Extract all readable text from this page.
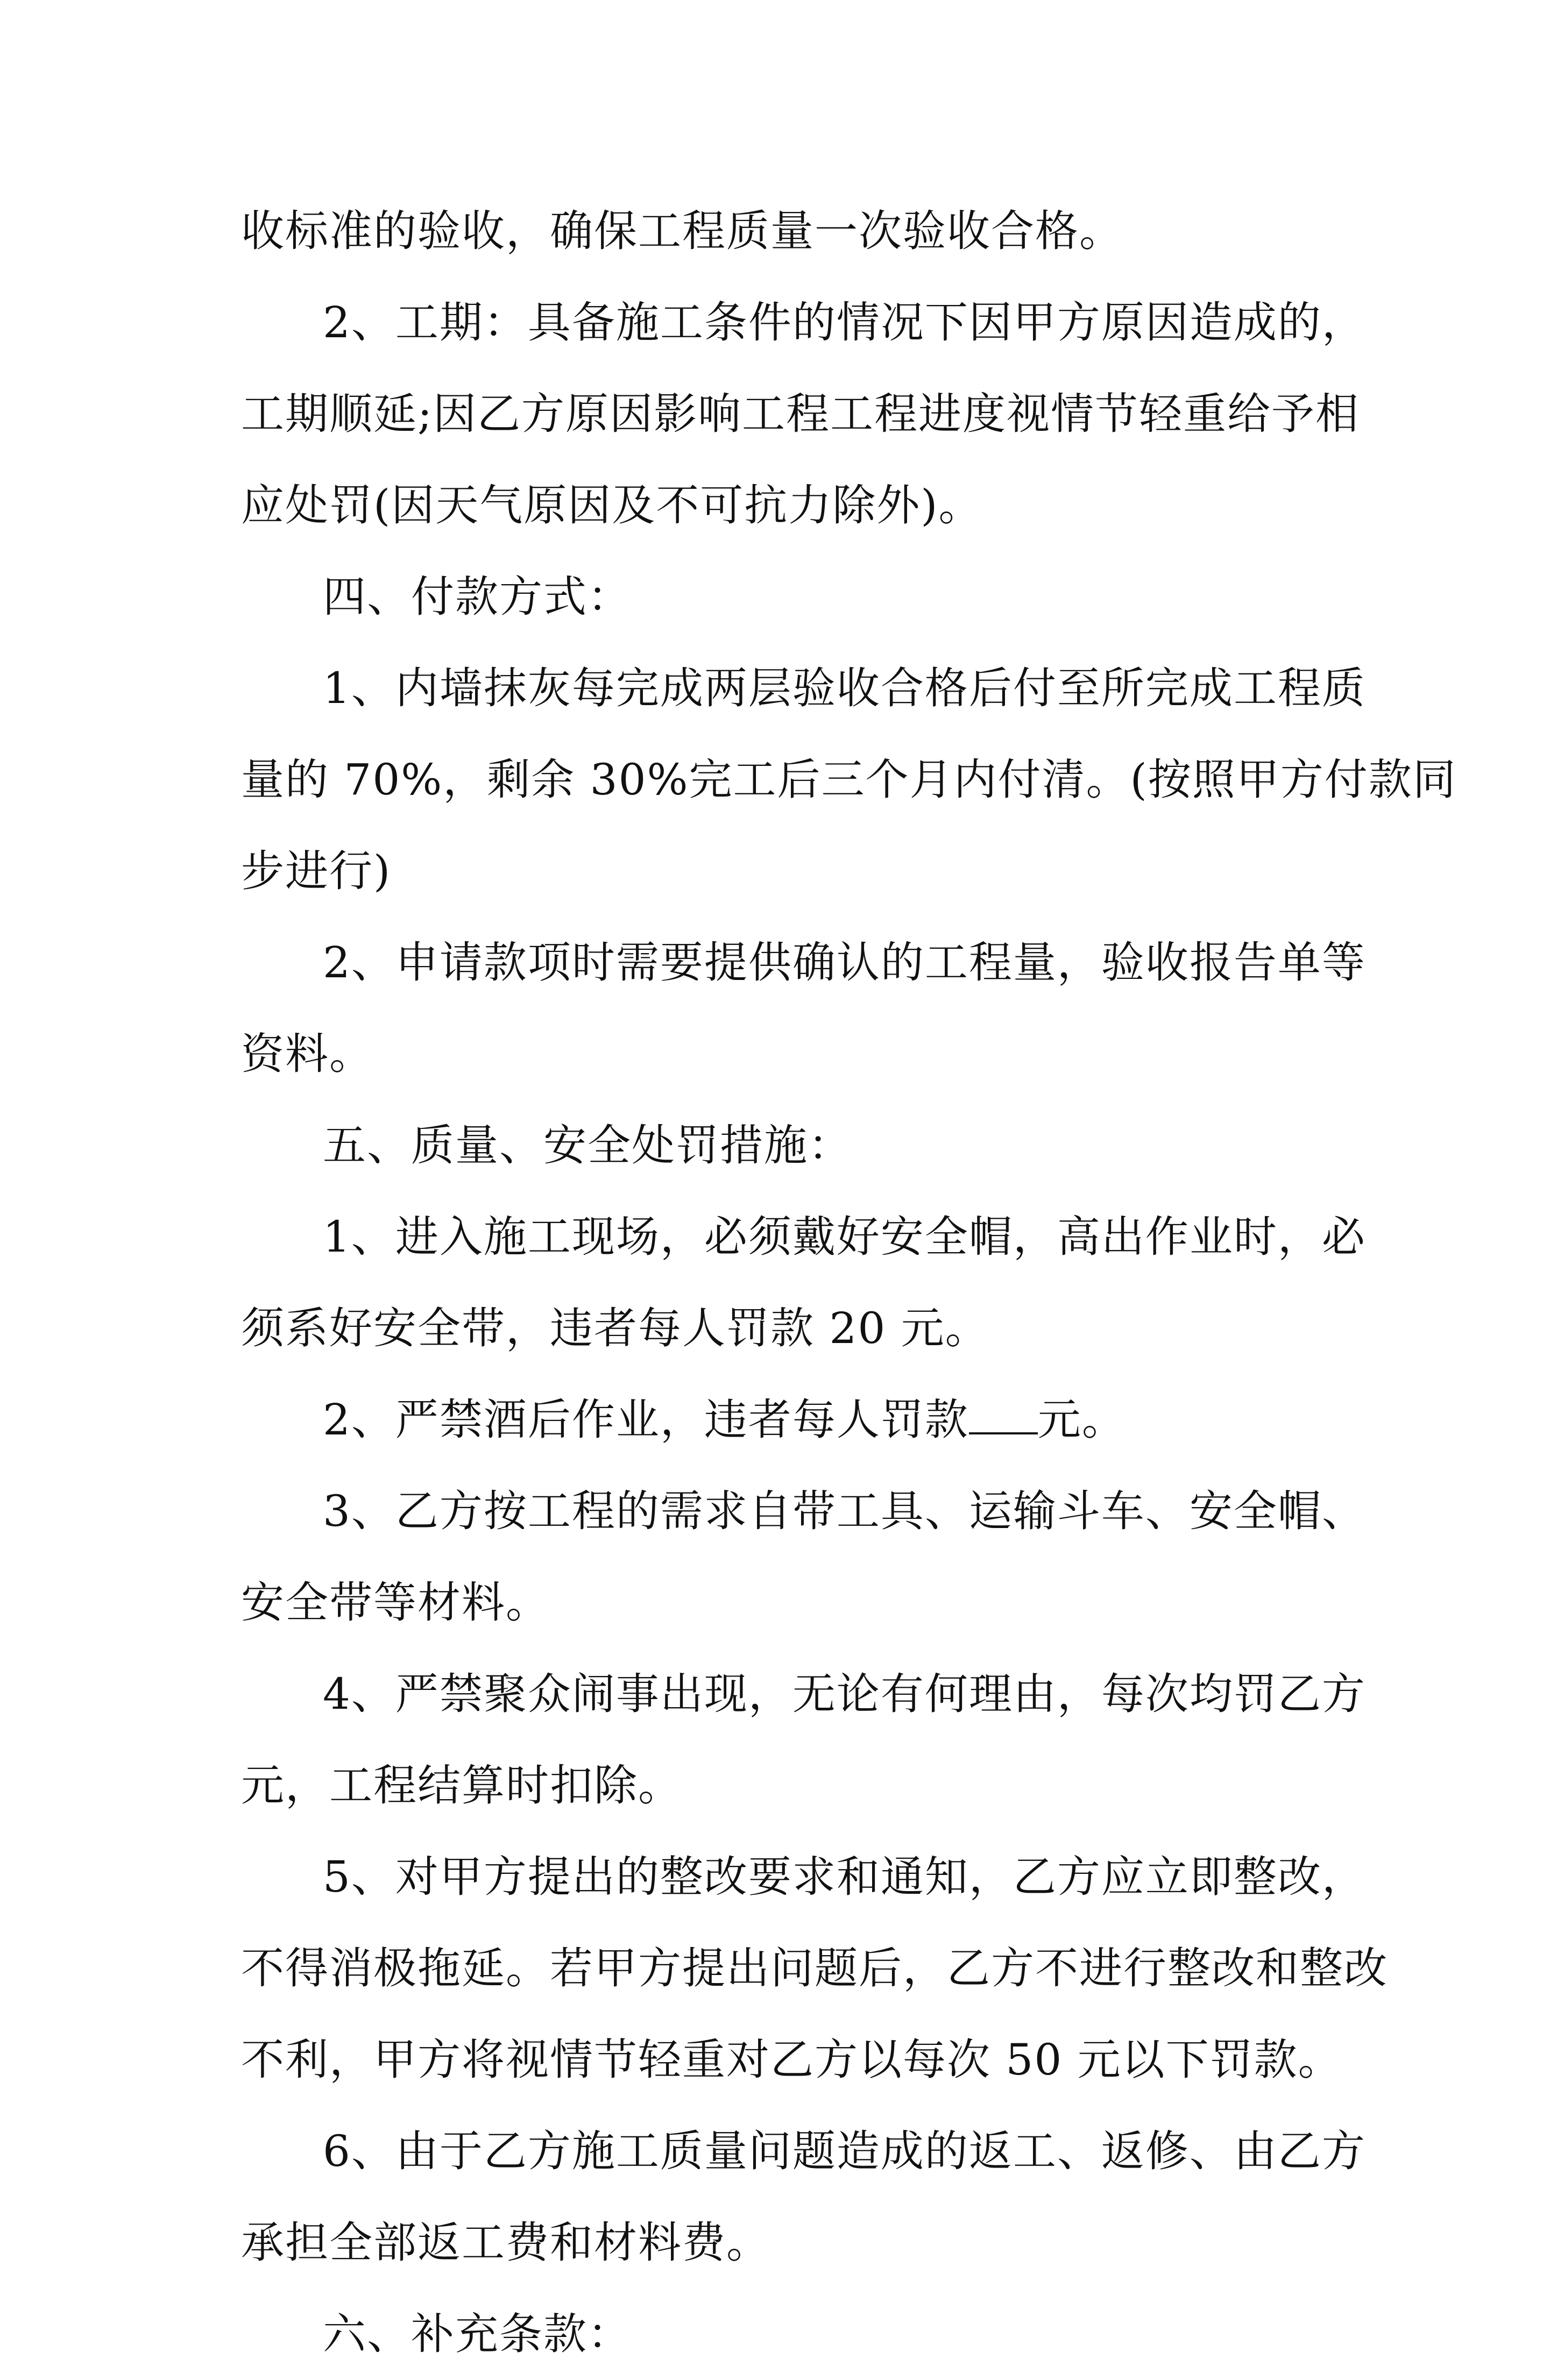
收标准的验收，确保工程质量一次验收合格。
2、工期：具备施工条件的情况下因甲方原因造成的，
工期顺延;因乙方原因影响工程工程进度视情节轻重给予相
应处罚(因天气原因及不可抗力除外)。
四、付款方式：
1、内墙抹灰每完成两层验收合格后付至所完成工程质
量的 70%，剩余 30%完工后三个月内付清。(按照甲方付款同
步进行)
2、申请款项时需要提供确认的工程量，验收报告单等
资料。
五、质量、安全处罚措施：
1、进入施工现场，必须戴好安全帽，高出作业时，必
须系好安全带，违者每人罚款 20 元。
2、严禁酒后作业，违者每人罚款 元。
3、乙方按工程的需求自带工具、运输斗车、安全帽、
安全带等材料。
4、严禁聚众闹事出现，无论有何理由，每次均罚乙方
元，工程结算时扣除。
5、对甲方提出的整改要求和通知，乙方应立即整改，
不得消极拖延。若甲方提出问题后，乙方不进行整改和整改
不利，甲方将视情节轻重对乙方以每次 50 元以下罚款。
6、由于乙方施工质量问题造成的返工、返修、由乙方
承担全部返工费和材料费。
六、补充条款：
